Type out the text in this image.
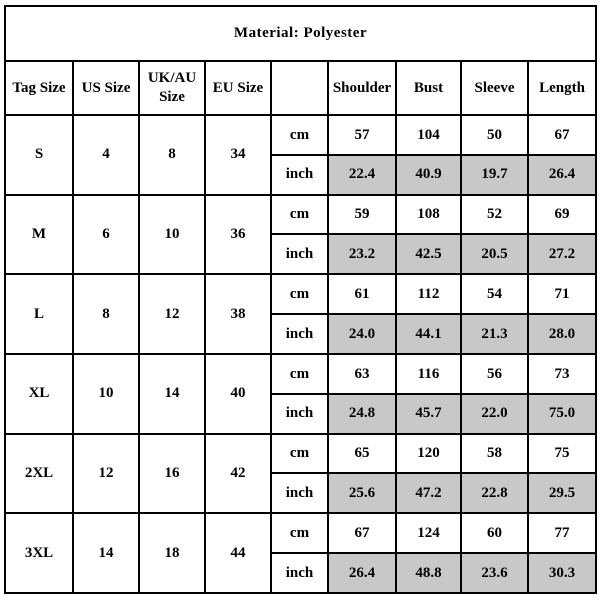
Material: Polyester								
Tag Size	US Size	UK/AU Size	EU Size		Shoulder	Bust	Sleeve	Length
S	4	8	34	cm	57	104	50	67
				inch	22.4	40.9	19.7	26.4
M	6	10	36	cm	59	108	52	69
				inch	23.2	42.5	20.5	27.2
L	8	12	38	cm	61	112	54	71
				inch	24.0	44.1	21.3	28.0
XL	10	14	40	cm	63	116	56	73
				inch	24.8	45.7	22.0	75.0
2XL	12	16	42	cm	65	120	58	75
				inch	25.6	47.2	22.8	29.5
3XL	14	18	44	cm	67	124	60	77
				inch	26.4	48.8	23.6	30.3
